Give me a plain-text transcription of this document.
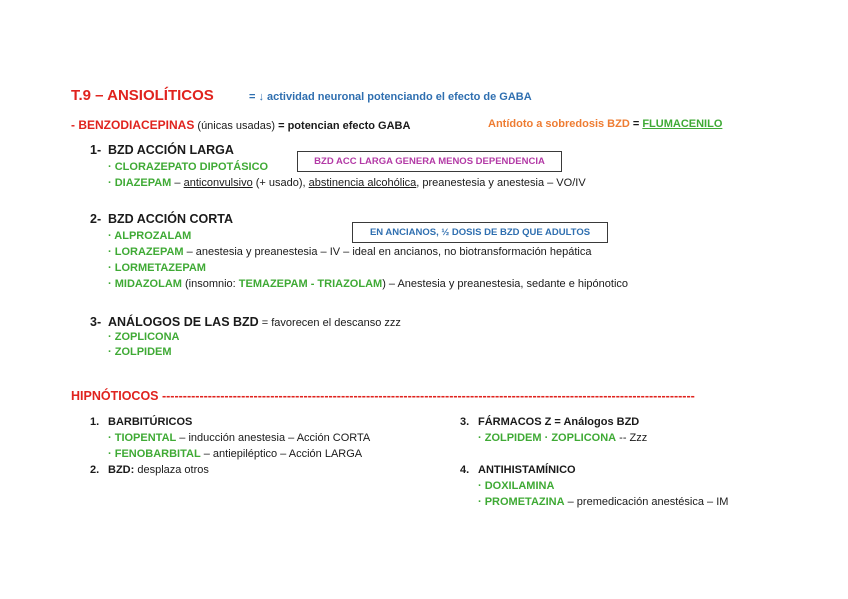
T.9 – ANSIOLÍTICOS	= ↓ actividad neuronal potenciando el efecto de GABA
- BENZODIACEPINAS (únicas usadas) = potencian efecto GABA	Antídoto a sobredosis BZD = FLUMACENILO
1- BZD ACCIÓN LARGA
· CLORAZEPATO DIPOTÁSICO
· DIAZEPAM – anticonvulsivo (+ usado), abstinencia alcohólica, preanestesia y anestesia – VO/IV
BZD ACC LARGA GENERA MENOS DEPENDENCIA
2- BZD ACCIÓN CORTA
· ALPROZALAM
· LORAZEPAM – anestesia y preanestesia – IV – ideal en ancianos, no biotransformación hepática
· LORMETAZEPAM
· MIDAZOLAM (insomnio: TEMAZEPAM - TRIAZOLAM) – Anestesia y preanestesia, sedante e hipónotico
EN ANCIANOS, ½ DOSIS DE BZD QUE ADULTOS
3- ANÁLOGOS DE LAS BZD = favorecen el descanso zzz
· ZOPLICONA
· ZOLPIDEM
HIPNÓTIOCOS --------------------------------------------------------------------------------------------------------------------------------
1. BARBITÚRICOS
· TIOPENTAL – inducción anestesia – Acción CORTA
· FENOBARBITAL – antiepiléptico – Acción LARGA
2. BZD: desplaza otros
3. FÁRMACOS Z = Análogos BZD
· ZOLPIDEM · ZOPLICONA -- Zzz
4. ANTIHISTAMÍNICO
· DOXILAMINA
· PROMETAZINA – premedicación anestésica – IM
